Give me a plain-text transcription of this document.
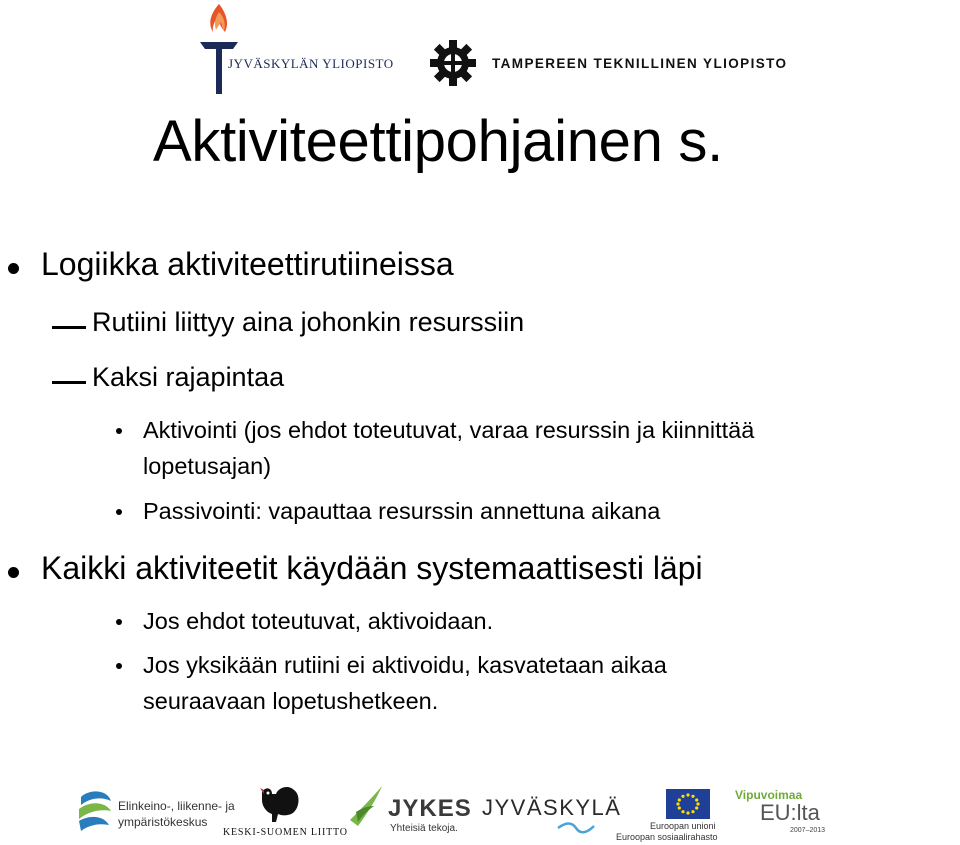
JYVÄSKYLÄN YLIOPISTO	TAMPEREEN TEKNILLINEN YLIOPISTO
Aktiviteettipohjainen s.
Logiikka aktiviteettirutiineissa
Rutiini liittyy aina johonkin resurssiin
Kaksi rajapintaa
Aktivointi (jos ehdot toteutuvat, varaa resurssin ja kiinnittää
lopetusajan)
Passivointi: vapauttaa resurssin annettuna aikana
Kaikki aktiviteetit käydään systemaattisesti läpi
Jos ehdot toteutuvat, aktivoidaan.
Jos yksikään rutiini ei aktivoidu, kasvatetaan aikaa
seuraavaan lopetushetkeen.
Elinkeino-, liikenne- ja
ympäristökeskus
KESKI-SUOMEN LIITTO
JYKES
Yhteisiä tekoja.
JYVÄSKYLÄ
Euroopan unioni
Euroopan sosiaalirahasto
Vipuvoimaa
EU:lta
2007–2013
